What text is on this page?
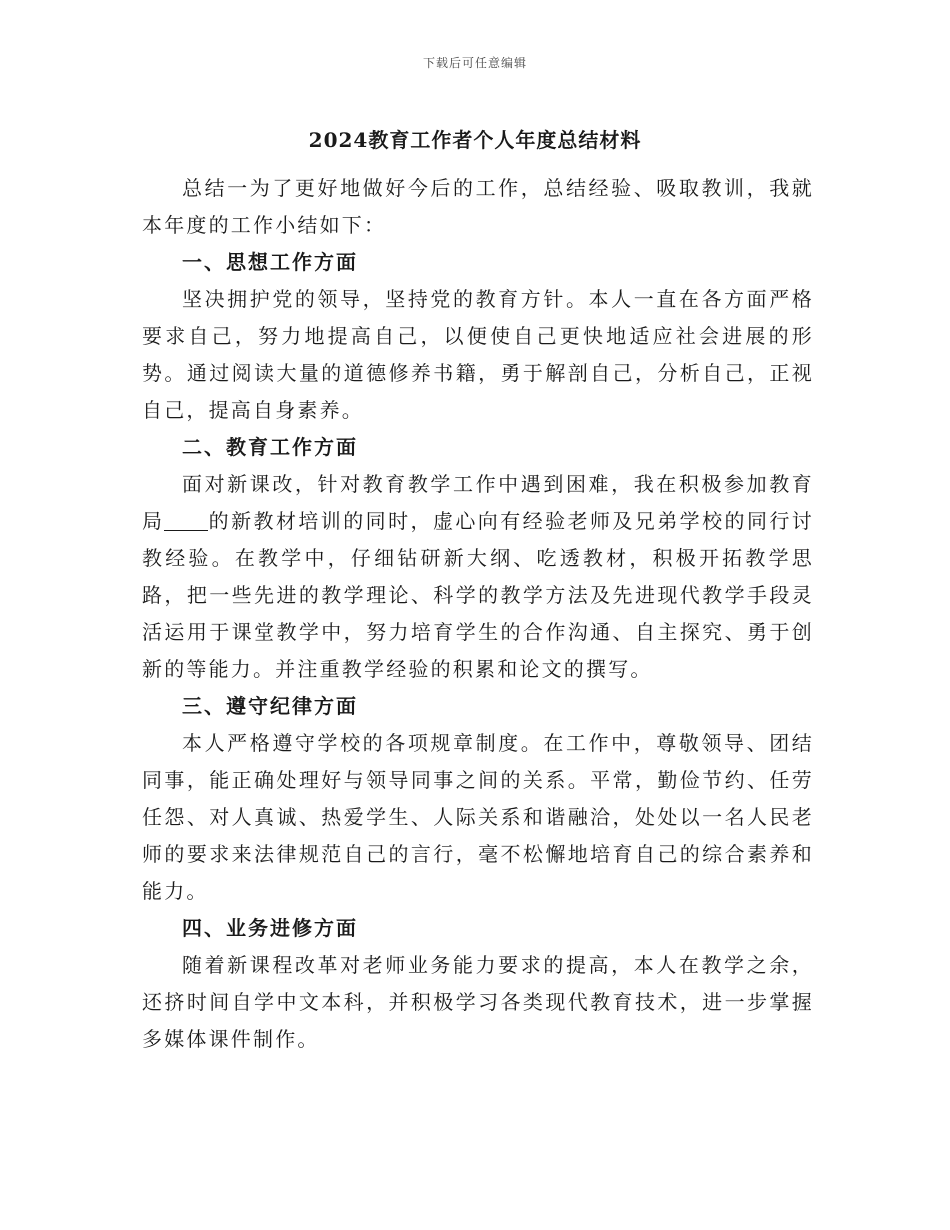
下载后可任意编辑
2024教育工作者个人年度总结材料

总结一为了更好地做好今后的工作，总结经验、吸取教训，我就本年度的工作小结如下：

一、思想工作方面

坚决拥护党的领导，坚持党的教育方针。本人一直在各方面严格要求自己，努力地提高自己，以便使自己更快地适应社会进展的形势。通过阅读大量的道德修养书籍，勇于解剖自己，分析自己，正视自己，提高自身素养。

二、教育工作方面

面对新课改，针对教育教学工作中遇到困难，我在积极参加教育局 的新教材培训的同时，虚心向有经验老师及兄弟学校的同行讨教经验。在教学中，仔细钻研新大纲、吃透教材，积极开拓教学思路，把一些先进的教学理论、科学的教学方法及先进现代教学手段灵活运用于课堂教学中，努力培育学生的合作沟通、自主探究、勇于创新的等能力。并注重教学经验的积累和论文的撰写。

三、遵守纪律方面

本人严格遵守学校的各项规章制度。在工作中，尊敬领导、团结同事，能正确处理好与领导同事之间的关系。平常，勤俭节约、任劳任怨、对人真诚、热爱学生、人际关系和谐融洽，处处以一名人民老师的要求来法律规范自己的言行，毫不松懈地培育自己的综合素养和能力。

四、业务进修方面

随着新课程改革对老师业务能力要求的提高，本人在教学之余，还挤时间自学中文本科，并积极学习各类现代教育技术，进一步掌握多媒体课件制作。
